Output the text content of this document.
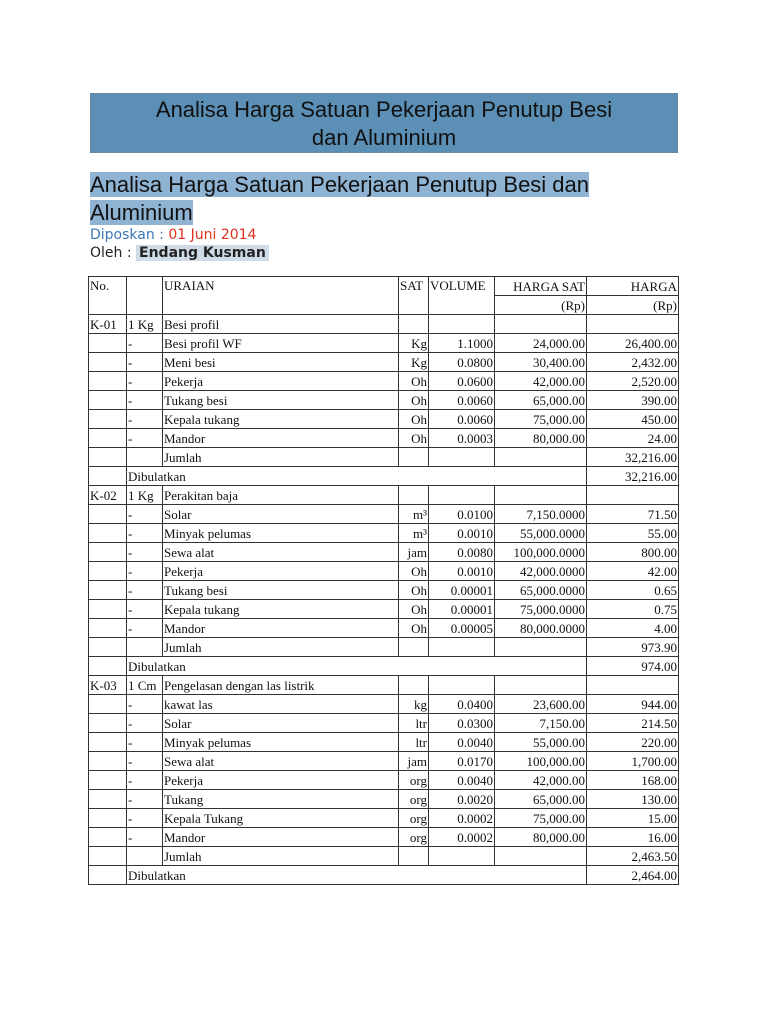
Analisa Harga Satuan Pekerjaan Penutup Besi
dan Aluminium
Analisa Harga Satuan Pekerjaan Penutup Besi dan
Aluminium
Diposkan : 01 Juni 2014
Oleh : Endang Kusman
No.		URAIAN	SAT	VOLUME	HARGA SAT	HARGA
					(Rp)	(Rp)
K-01	1 Kg	Besi profil				
	-	Besi profil WF	Kg	1.1000	24,000.00	26,400.00
	-	Meni besi	Kg	0.0800	30,400.00	2,432.00
	-	Pekerja	Oh	0.0600	42,000.00	2,520.00
	-	Tukang besi	Oh	0.0060	65,000.00	390.00
	-	Kepala tukang	Oh	0.0060	75,000.00	450.00
	-	Mandor	Oh	0.0003	80,000.00	24.00
		Jumlah				32,216.00
	Dibulatkan					32,216.00
K-02	1 Kg	Perakitan baja				
	-	Solar	m³	0.0100	7,150.0000	71.50
	-	Minyak pelumas	m³	0.0010	55,000.0000	55.00
	-	Sewa alat	jam	0.0080	100,000.0000	800.00
	-	Pekerja	Oh	0.0010	42,000.0000	42.00
	-	Tukang besi	Oh	0.00001	65,000.0000	0.65
	-	Kepala tukang	Oh	0.00001	75,000.0000	0.75
	-	Mandor	Oh	0.00005	80,000.0000	4.00
		Jumlah				973.90
	Dibulatkan					974.00
K-03	1 Cm	Pengelasan dengan las listrik				
	-	kawat las	kg	0.0400	23,600.00	944.00
	-	Solar	ltr	0.0300	7,150.00	214.50
	-	Minyak pelumas	ltr	0.0040	55,000.00	220.00
	-	Sewa alat	jam	0.0170	100,000.00	1,700.00
	-	Pekerja	org	0.0040	42,000.00	168.00
	-	Tukang	org	0.0020	65,000.00	130.00
	-	Kepala Tukang	org	0.0002	75,000.00	15.00
	-	Mandor	org	0.0002	80,000.00	16.00
		Jumlah				2,463.50
	Dibulatkan					2,464.00
